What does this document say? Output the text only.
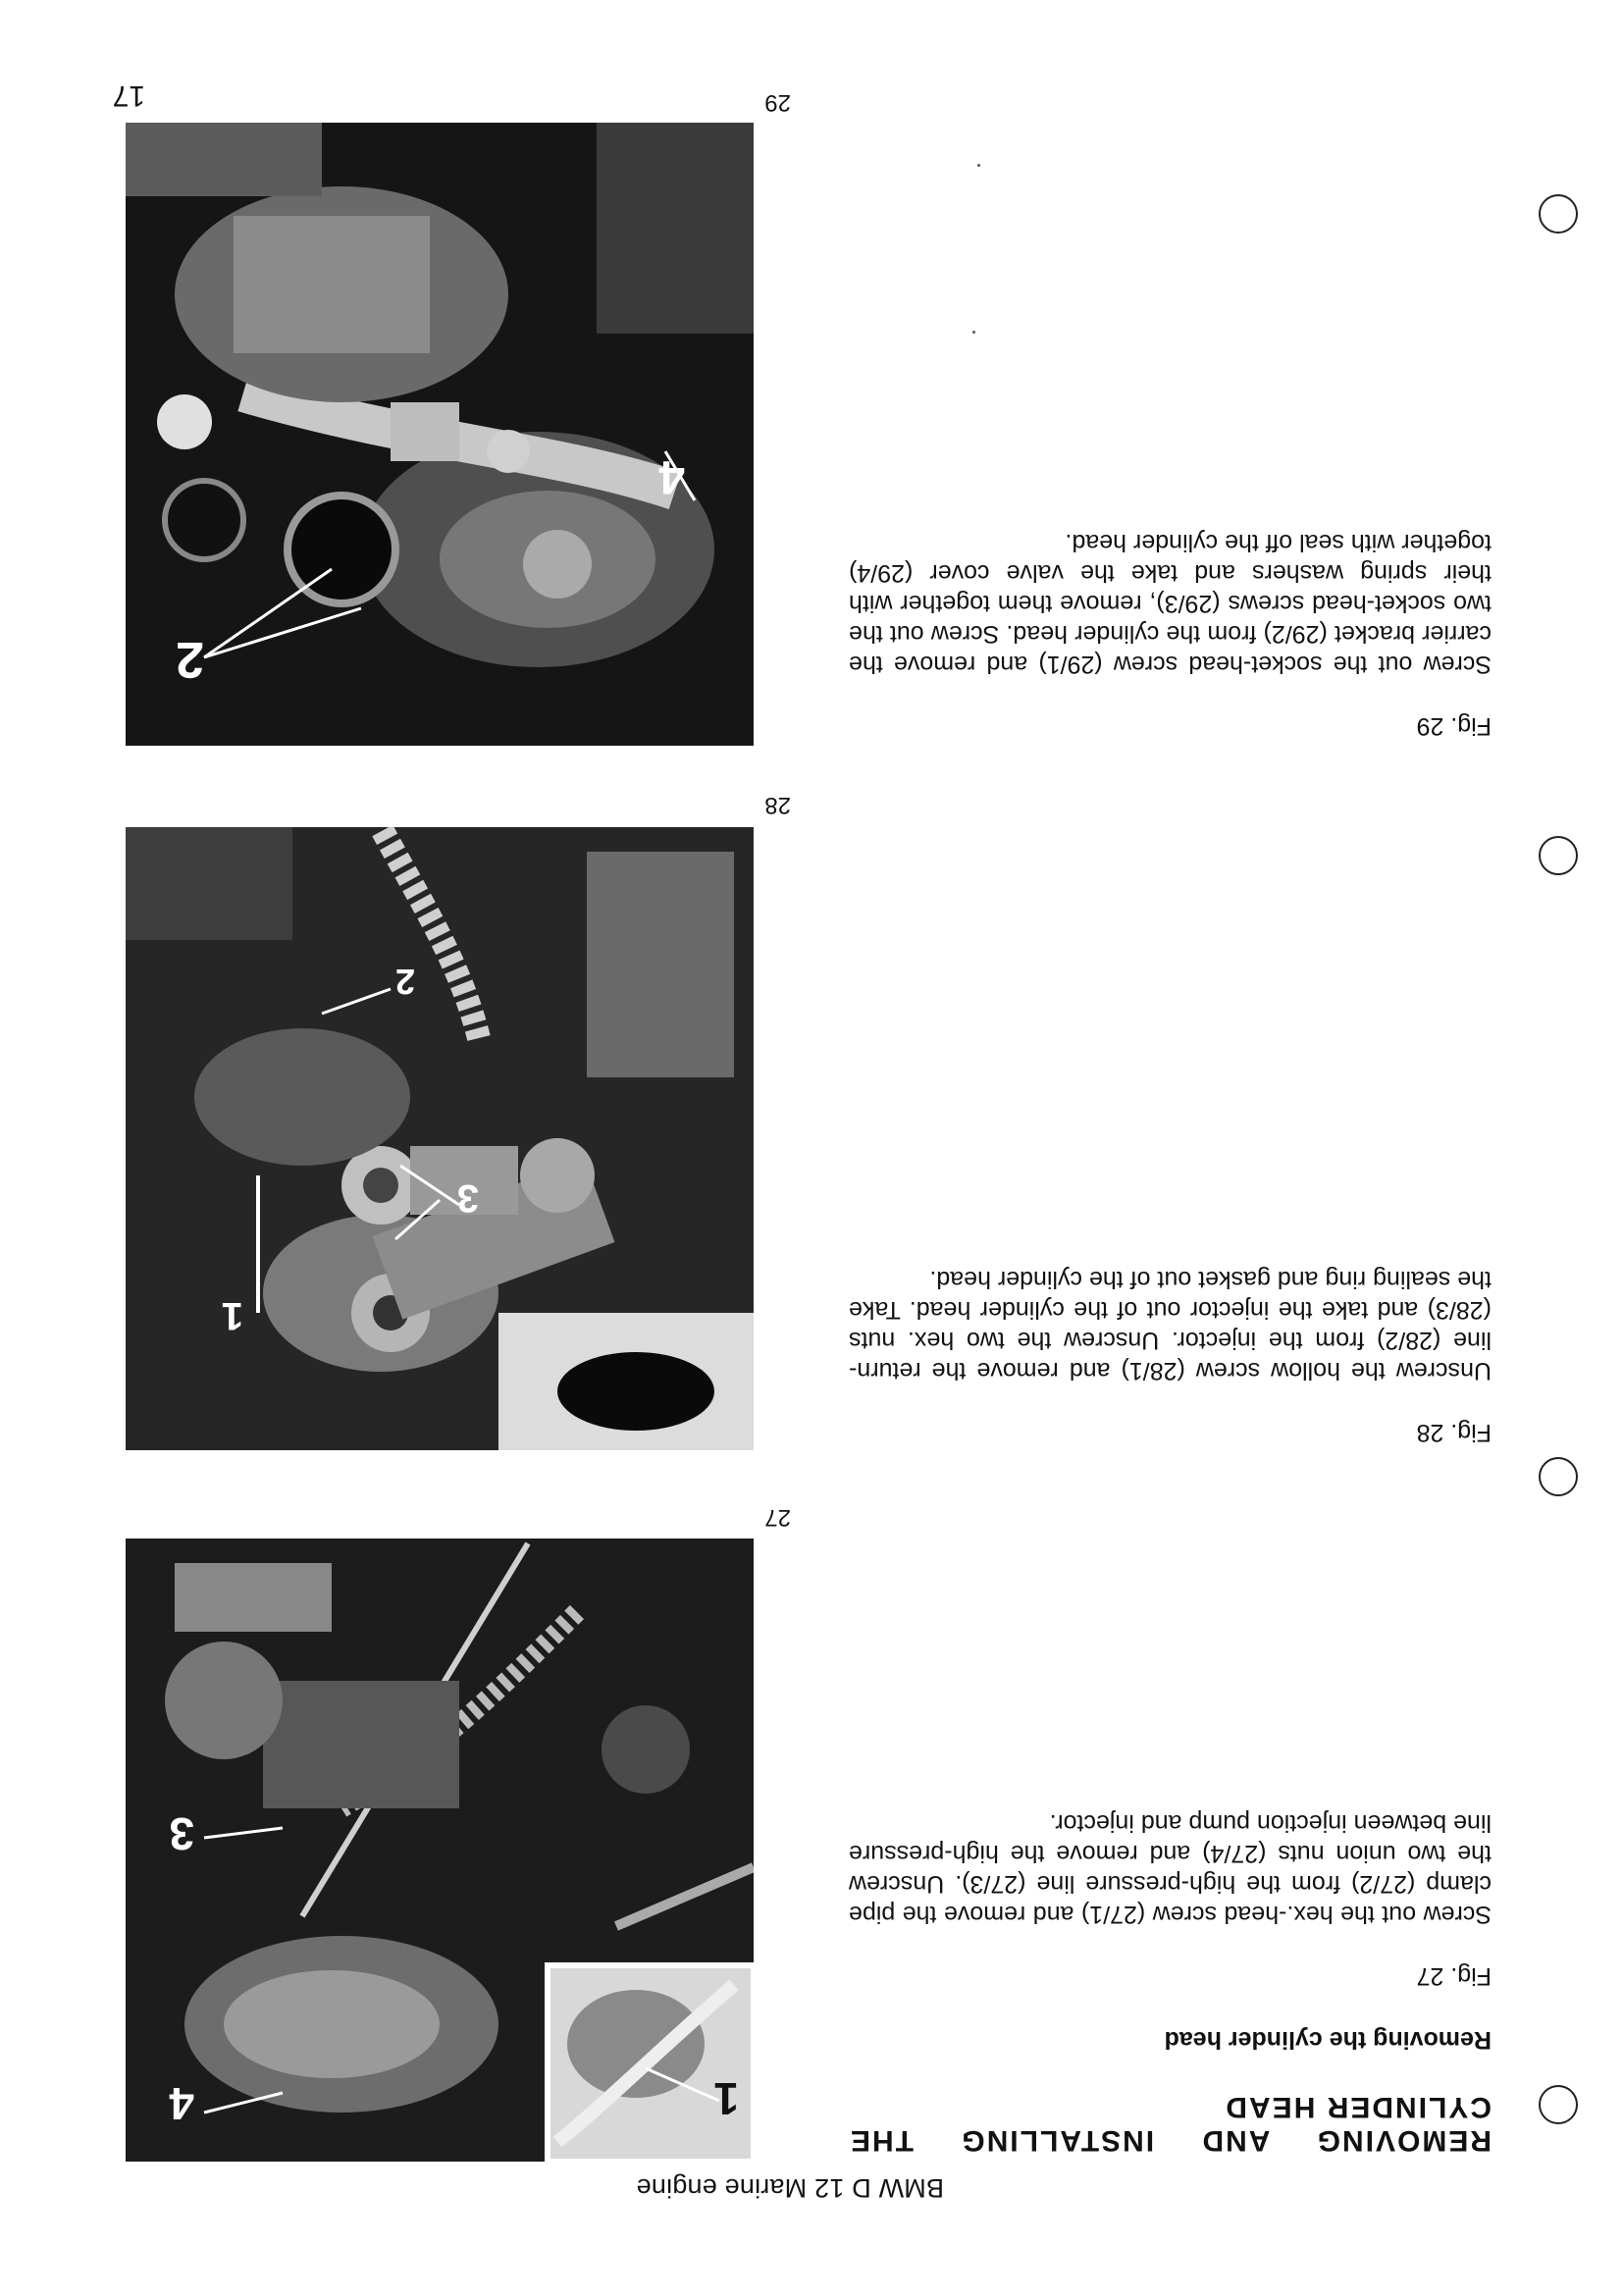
BMW D 12 Marine engine
4	1
3
27
1
3
2
28
4
2
29
REMOVING AND INSTALLING THE CYLINDER HEAD
Removing the cylinder head
Fig. 27

Screw out the hex.-head screw (27/1) and remove the pipe clamp (27/2) from the high-pressure line (27/3). Unscrew the two union nuts (27/4) and remove the high-pressure line between injection pump and injector.

Fig. 28

Unscrew the hollow screw (28/1) and remove the return-line (28/2) from the injector. Unscrew the two hex. nuts (28/3) and take the injector out of the cylinder head. Take the sealing ring and gasket out of the cylinder head.

Fig. 29

Screw out the socket-head screw (29/1) and remove the carrier bracket (29/2) from the cylinder head. Screw out the two socket-head screws (29/3), remove them together with their spring washers and take the valve cover (29/4) together with seal off the cylinder head.

17
